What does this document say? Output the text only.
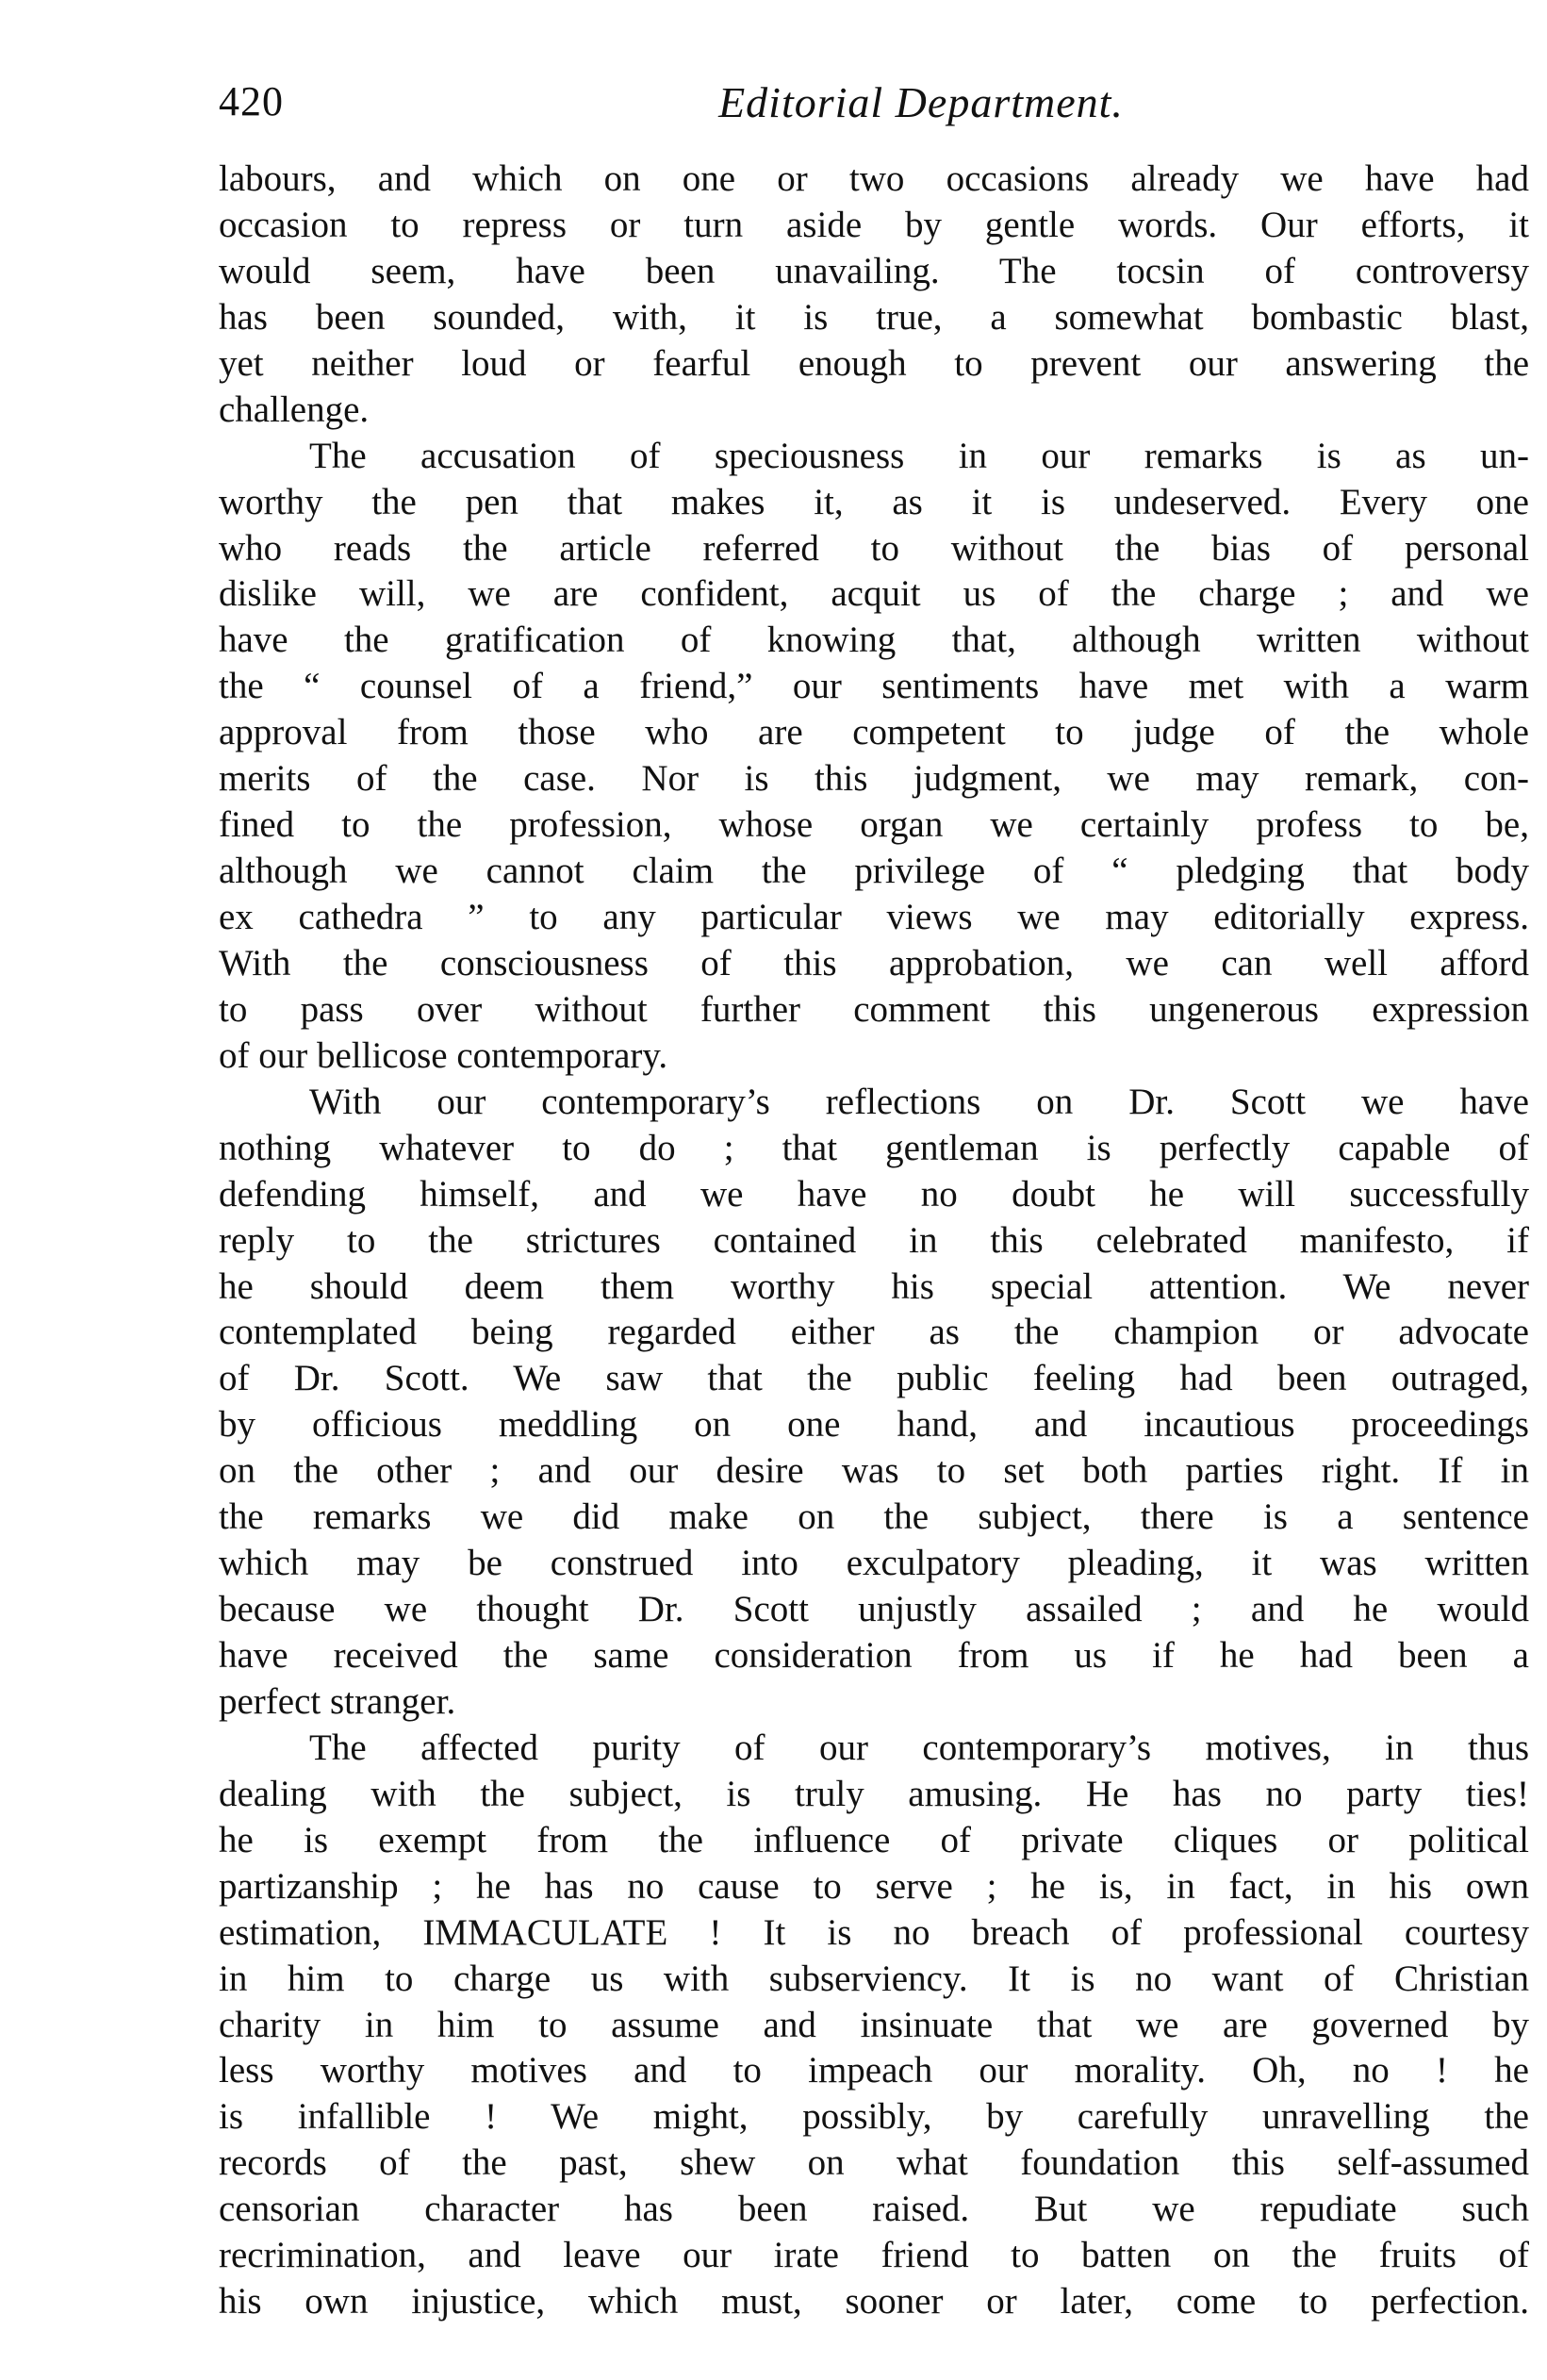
420	Editorial Department.
labours, and which on one or two occasions already we have had
occasion to repress or turn aside by gentle words. Our efforts, it
would seem, have been unavailing. The tocsin of controversy
has been sounded, with, it is true, a somewhat bombastic blast,
yet neither loud or fearful enough to prevent our answering the
challenge.
The accusation of speciousness in our remarks is as un-
worthy the pen that makes it, as it is undeserved. Every one
who reads the article referred to without the bias of personal
dislike will, we are confident, acquit us of the charge ; and we
have the gratification of knowing that, although written without
the “ counsel of a friend,” our sentiments have met with a warm
approval from those who are competent to judge of the whole
merits of the case. Nor is this judgment, we may remark, con-
fined to the profession, whose organ we certainly profess to be,
although we cannot claim the privilege of “ pledging that body
ex cathedra ” to any particular views we may editorially express.
With the consciousness of this approbation, we can well afford
to pass over without further comment this ungenerous expression
of our bellicose contemporary.
With our contemporary’s reflections on Dr. Scott we have
nothing whatever to do ; that gentleman is perfectly capable of
defending himself, and we have no doubt he will successfully
reply to the strictures contained in this celebrated manifesto, if
he should deem them worthy his special attention. We never
contemplated being regarded either as the champion or advocate
of Dr. Scott. We saw that the public feeling had been outraged,
by officious meddling on one hand, and incautious proceedings
on the other ; and our desire was to set both parties right. If in
the remarks we did make on the subject, there is a sentence
which may be construed into exculpatory pleading, it was written
because we thought Dr. Scott unjustly assailed ; and he would
have received the same consideration from us if he had been a
perfect stranger.
The affected purity of our contemporary’s motives, in thus
dealing with the subject, is truly amusing. He has no party ties!
he is exempt from the influence of private cliques or political
partizanship ; he has no cause to serve ; he is, in fact, in his own
estimation, IMMACULATE ! It is no breach of professional courtesy
in him to charge us with subserviency. It is no want of Christian
charity in him to assume and insinuate that we are governed by
less worthy motives and to impeach our morality. Oh, no ! he
is infallible ! We might, possibly, by carefully unravelling the
records of the past, shew on what foundation this self-assumed
censorian character has been raised. But we repudiate such
recrimination, and leave our irate friend to batten on the fruits of
his own injustice, which must, sooner or later, come to perfection.
